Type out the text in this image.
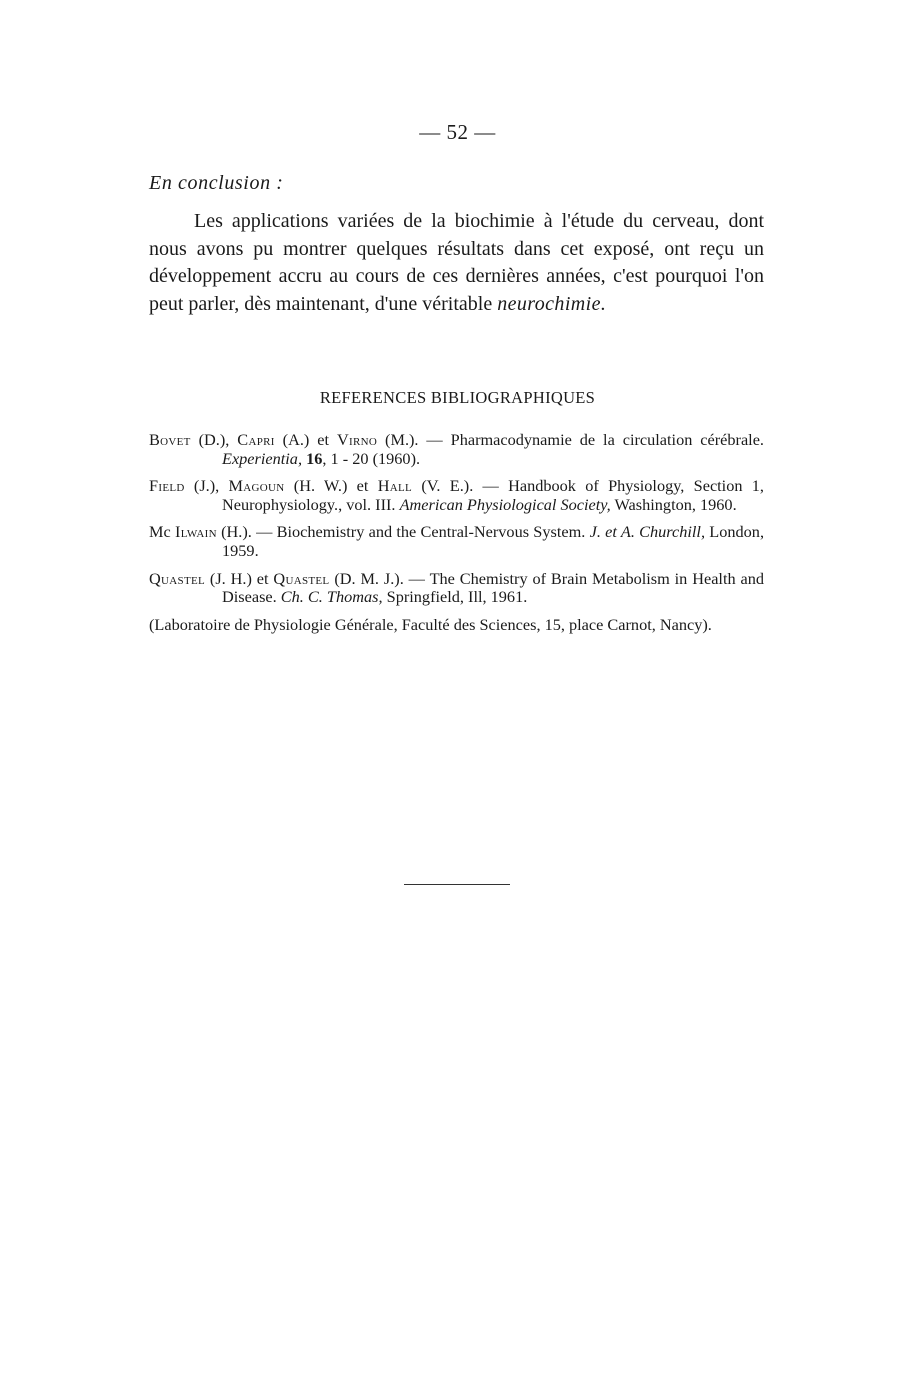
— 52 —
En conclusion :

Les applications variées de la biochimie à l'étude du cerveau, dont nous avons pu montrer quelques résultats dans cet exposé, ont reçu un développement accru au cours de ces dernières années, c'est pourquoi l'on peut parler, dès maintenant, d'une véritable neurochimie.

REFERENCES BIBLIOGRAPHIQUES
Bovet (D.), Capri (A.) et Virno (M.). — Pharmacodynamie de la circulation cérébrale. Experientia, 16, 1 - 20 (1960).
Field (J.), Magoun (H. W.) et Hall (V. E.). — Handbook of Physiology, Section 1, Neurophysiology., vol. III. American Physiological Society, Washington, 1960.
Mc Ilwain (H.). — Biochemistry and the Central-Nervous System. J. et A. Churchill, London, 1959.
Quastel (J. H.) et Quastel (D. M. J.). — The Chemistry of Brain Metabolism in Health and Disease. Ch. C. Thomas, Springfield, Ill, 1961.
(Laboratoire de Physiologie Générale, Faculté des Sciences, 15, place Carnot, Nancy).
